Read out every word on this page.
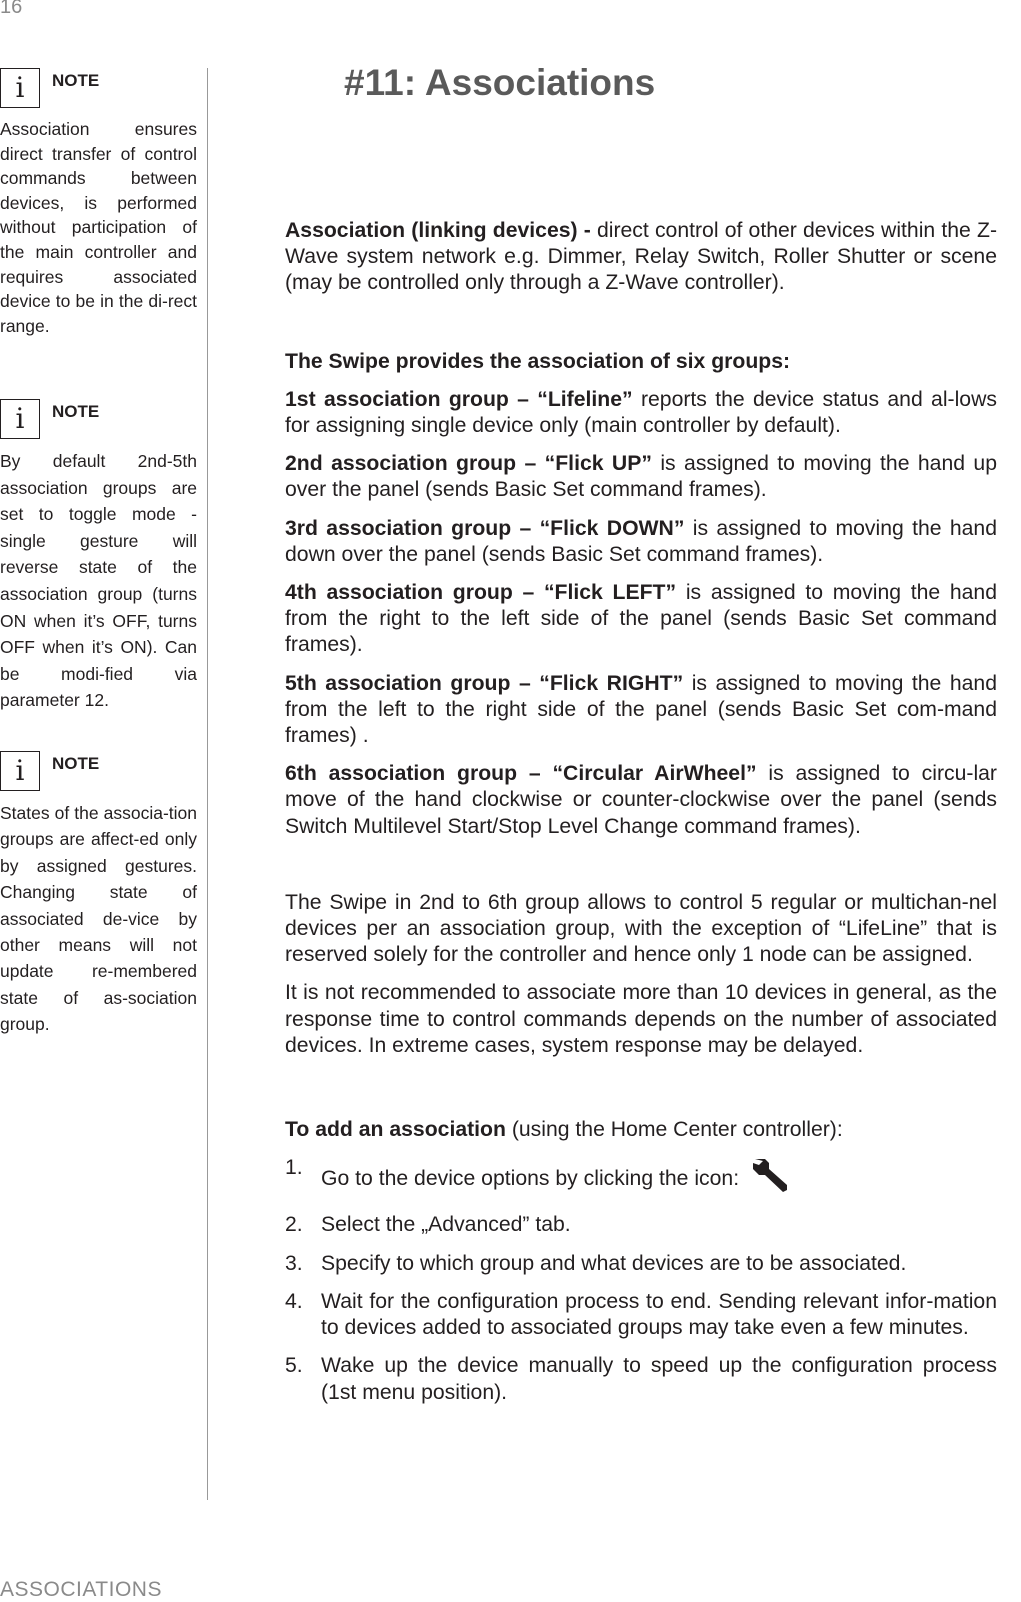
16
i	NOTE
Association ensures direct transfer of control commands between devices, is performed without participation of the main controller and requires associated device to be in the di-rect range.
i	NOTE
By default 2nd-5th association groups are set to toggle mode - single gesture will reverse state of the association group (turns ON when it’s OFF, turns OFF when it’s ON). Can be modi-fied via parameter 12.
i	NOTE
States of the associa-tion groups are affect-ed only by assigned gestures. Changing state of associated de-vice by other means will not update re-membered state of as-sociation group.
#11: Associations

Association (linking devices) - direct control of other devices within the Z-Wave system network e.g. Dimmer, Relay Switch, Roller Shutter or scene (may be controlled only through a Z-Wave controller).

The Swipe provides the association of six groups:

1st association group – “Lifeline” reports the device status and al-lows for assigning single device only (main controller by default).

2nd association group – “Flick UP” is assigned to moving the hand up over the panel (sends Basic Set command frames).

3rd association group – “Flick DOWN” is assigned to moving the hand down over the panel (sends Basic Set command frames).

4th association group – “Flick LEFT” is assigned to moving the hand from the right to the left side of the panel (sends Basic Set command frames).

5th association group – “Flick RIGHT” is assigned to moving the hand from the left to the right side of the panel (sends Basic Set com-mand frames) .

6th association group – “Circular AirWheel” is assigned to circu-lar move of the hand clockwise or counter-clockwise over the panel (sends Switch Multilevel Start/Stop Level Change command frames).

The Swipe in 2nd to 6th group allows to control 5 regular or multichan-nel devices per an association group, with the exception of “LifeLine” that is reserved solely for the controller and hence only 1 node can be assigned.

It is not recommended to associate more than 10 devices in general, as the response time to control commands depends on the number of associated devices. In extreme cases, system response may be delayed.

To add an association (using the Home Center controller):

1. Go to the device options by clicking the icon:
2. Select the „Advanced” tab.
3. Specify to which group and what devices are to be associated.
4. Wait for the configuration process to end. Sending relevant infor-mation to devices added to associated groups may take even a few minutes.
5. Wake up the device manually to speed up the configuration process (1st menu position).
ASSOCIATIONS
